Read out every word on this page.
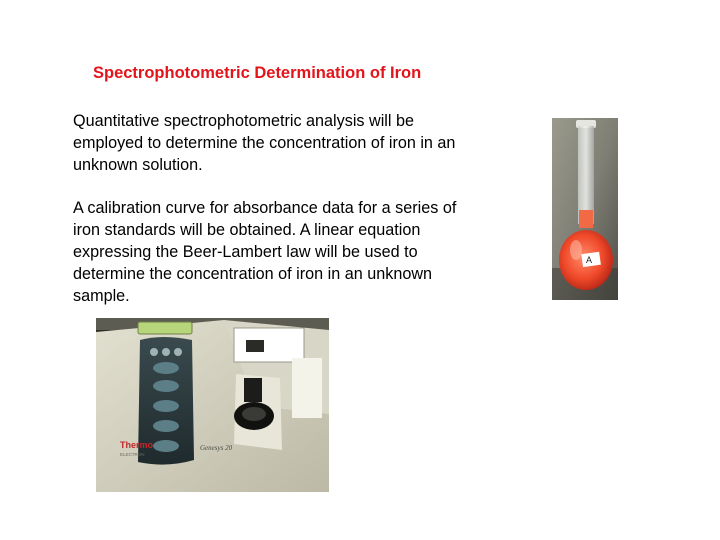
Spectrophotometric Determination of Iron
Quantitative spectrophotometric analysis will be
employed to determine the concentration of iron in an
unknown solution.
A calibration curve for absorbance data for a series of
iron standards will be obtained. A linear equation
expressing the Beer-Lambert law will be used to
determine the concentration of iron in an unknown
sample.
A
Thermo
ELECTRON
Genesys 20
